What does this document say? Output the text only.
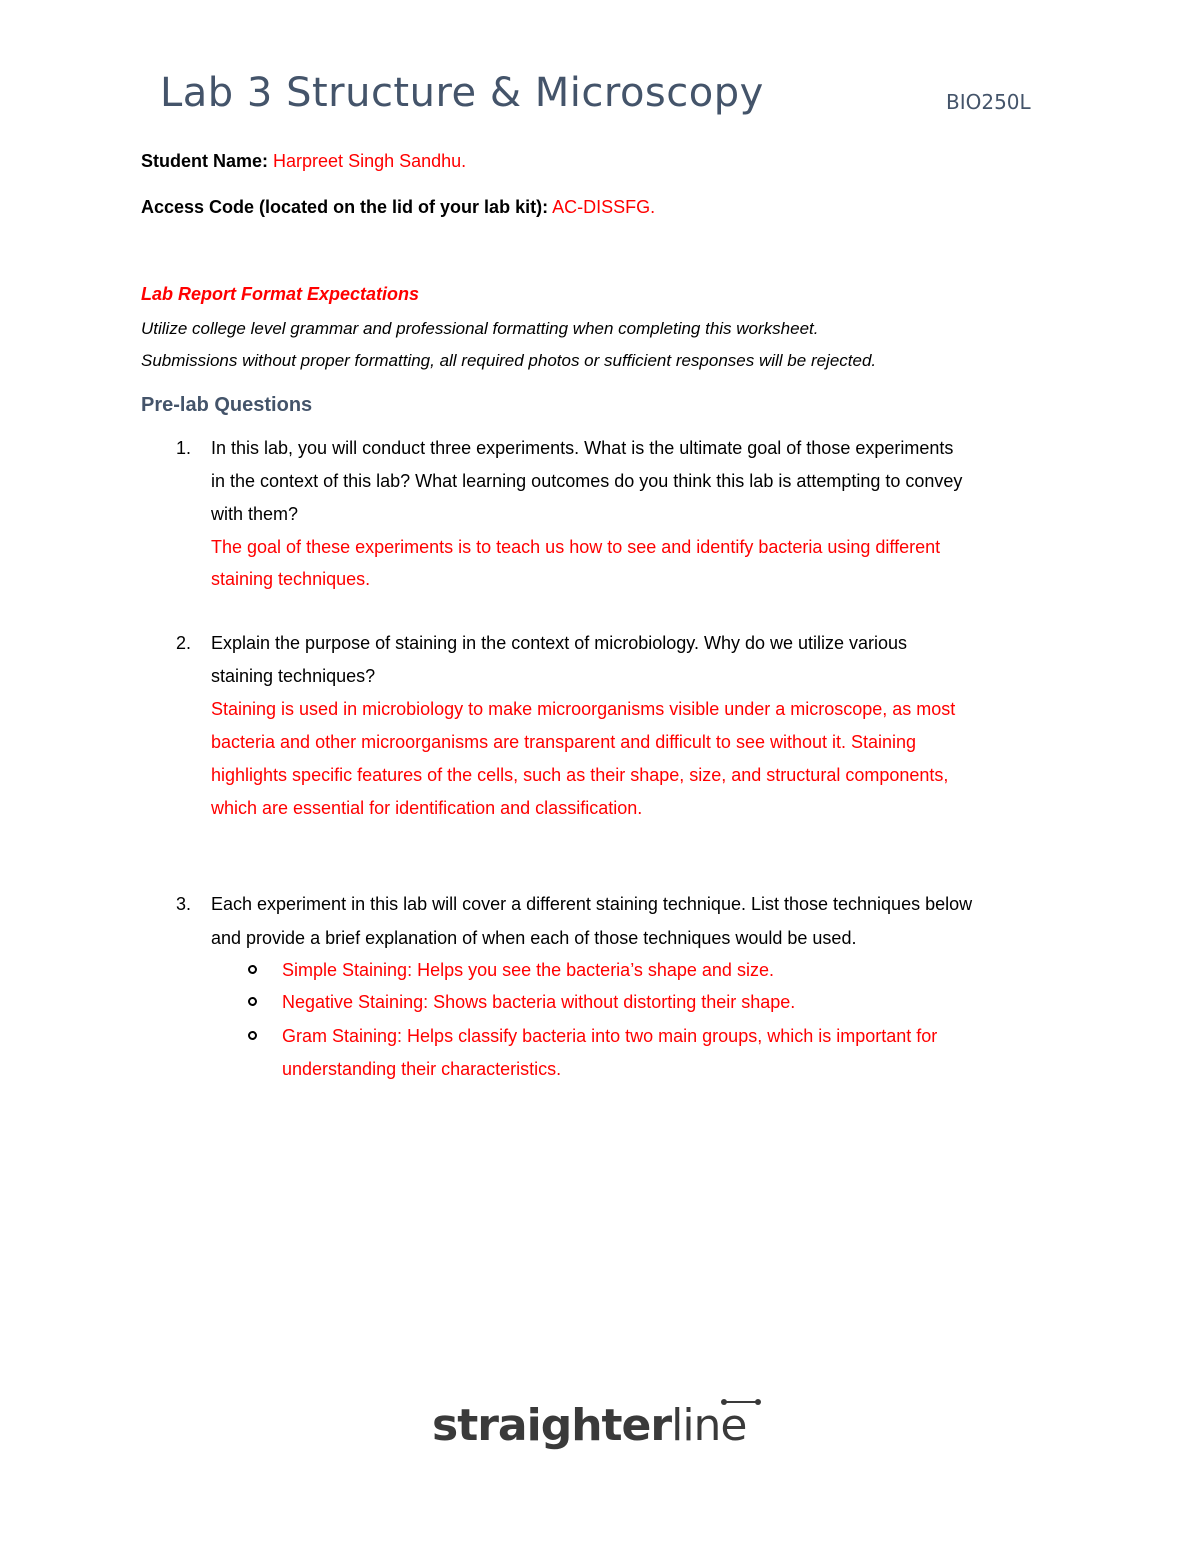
Lab 3 Structure & Microscopy	BIO250L
Student Name: Harpreet Singh Sandhu.
Access Code (located on the lid of your lab kit): AC-DISSFG.
Lab Report Format Expectations
Utilize college level grammar and professional formatting when completing this worksheet.
Submissions without proper formatting, all required photos or sufficient responses will be rejected.
Pre-lab Questions
1. In this lab, you will conduct three experiments. What is the ultimate goal of those experiments
in the context of this lab? What learning outcomes do you think this lab is attempting to convey
with them?
The goal of these experiments is to teach us how to see and identify bacteria using different
staining techniques.
2. Explain the purpose of staining in the context of microbiology. Why do we utilize various
staining techniques?
Staining is used in microbiology to make microorganisms visible under a microscope, as most
bacteria and other microorganisms are transparent and difficult to see without it. Staining
highlights specific features of the cells, such as their shape, size, and structural components,
which are essential for identification and classification.
3. Each experiment in this lab will cover a different staining technique. List those techniques below
and provide a brief explanation of when each of those techniques would be used.
Simple Staining: Helps you see the bacteria’s shape and size.
Negative Staining: Shows bacteria without distorting their shape.
Gram Staining: Helps classify bacteria into two main groups, which is important for
understanding their characteristics.
straighterline
